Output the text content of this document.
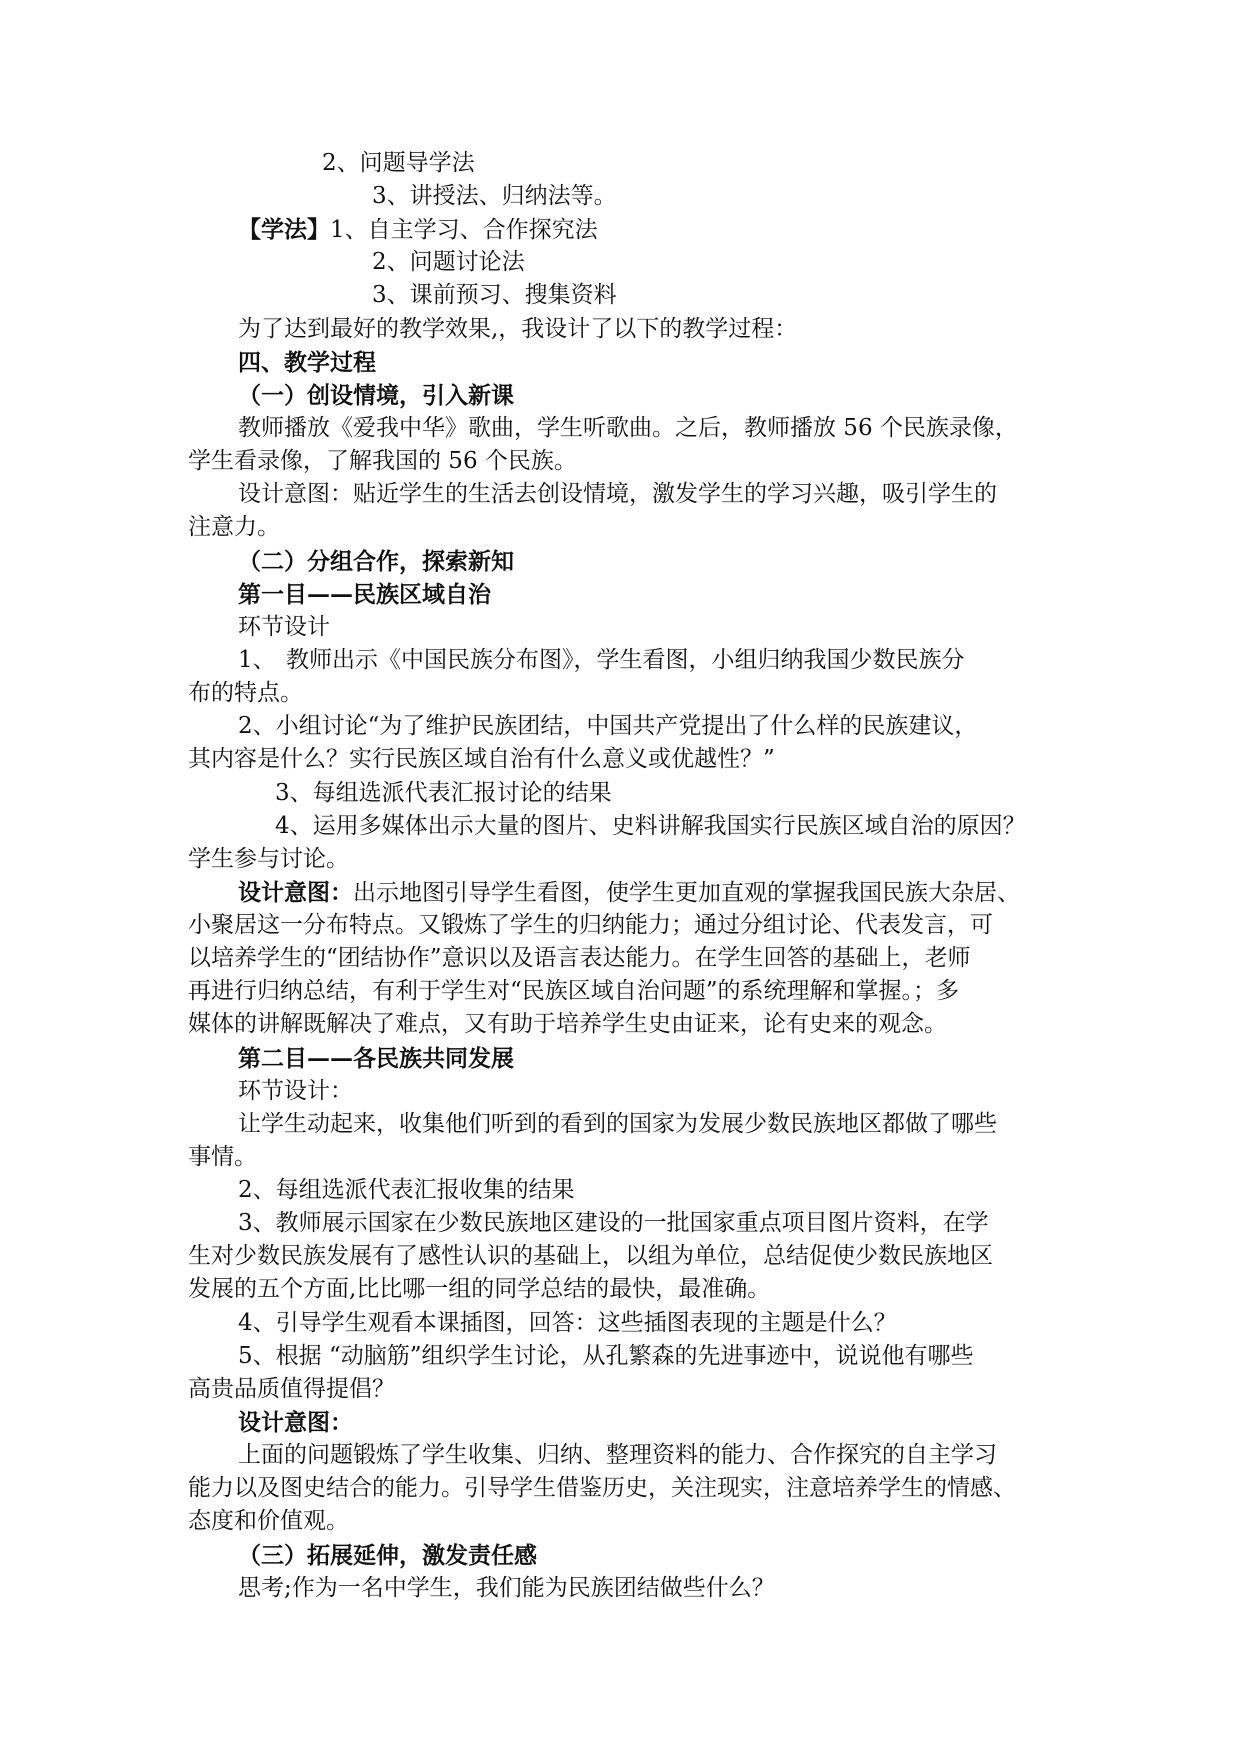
2、问题导学法
3、讲授法、归纳法等。
【学法】1、自主学习、合作探究法
2、问题讨论法
3、课前预习、搜集资料
为了达到最好的教学效果,，我设计了以下的教学过程：
四、教学过程
（一）创设情境，引入新课
教师播放《爱我中华》歌曲，学生听歌曲。之后，教师播放 56 个民族录像，
学生看录像，了解我国的 56 个民族。
设计意图：贴近学生的生活去创设情境，激发学生的学习兴趣，吸引学生的
注意力。
（二）分组合作，探索新知
第一目——民族区域自治
环节设计
1、 教师出示《中国民族分布图》，学生看图，小组归纳我国少数民族分
布的特点。
2、小组讨论“为了维护民族团结，中国共产党提出了什么样的民族建议，
其内容是什么？实行民族区域自治有什么意义或优越性？”
3、每组选派代表汇报讨论的结果
4、运用多媒体出示大量的图片、史料讲解我国实行民族区域自治的原因？
学生参与讨论。
设计意图：出示地图引导学生看图，使学生更加直观的掌握我国民族大杂居、
小聚居这一分布特点。又锻炼了学生的归纳能力；通过分组讨论、代表发言，可
以培养学生的“团结协作”意识以及语言表达能力。在学生回答的基础上，老师
再进行归纳总结，有利于学生对“民族区域自治问题”的系统理解和掌握。；多
媒体的讲解既解决了难点，又有助于培养学生史由证来，论有史来的观念。
第二目——各民族共同发展
环节设计：
让学生动起来，收集他们听到的看到的国家为发展少数民族地区都做了哪些
事情。
2、每组选派代表汇报收集的结果
3、教师展示国家在少数民族地区建设的一批国家重点项目图片资料，在学
生对少数民族发展有了感性认识的基础上，以组为单位，总结促使少数民族地区
发展的五个方面,比比哪一组的同学总结的最快，最准确。
4、引导学生观看本课插图，回答：这些插图表现的主题是什么？
5、根据 “动脑筋”组织学生讨论，从孔繁森的先进事迹中，说说他有哪些
高贵品质值得提倡？
设计意图：
上面的问题锻炼了学生收集、归纳、整理资料的能力、合作探究的自主学习
能力以及图史结合的能力。引导学生借鉴历史，关注现实，注意培养学生的情感、
态度和价值观。
（三）拓展延伸，激发责任感
思考;作为一名中学生，我们能为民族团结做些什么？
